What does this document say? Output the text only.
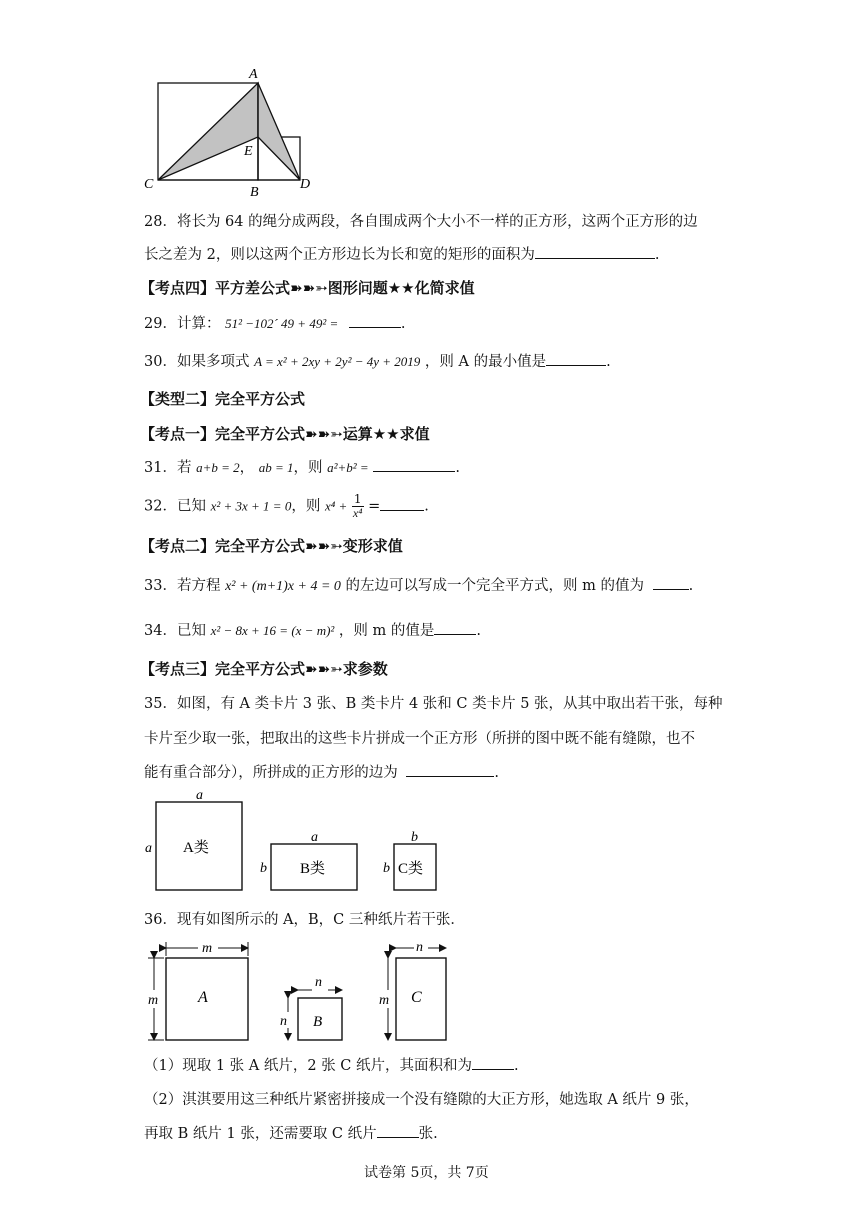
A
E
C
B
D
28．将长为 64 的绳分成两段，各自围成两个大小不一样的正方形，这两个正方形的边
长之差为 2，则以这两个正方形边长为长和宽的矩形的面积为	.
【考点四】平方差公式➽➽➳图形问题★★化简求值
29．计算： 51² −102´ 49 + 49² =	.
30．如果多项式 A = x² + 2xy + 2y² − 4y + 2019 ，则 A 的最小值是	.
【类型二】完全平方公式
【考点一】完全平方公式➽➽➳运算★★求值
31．若 a+b = 2， ab = 1，则 a²+b² =	.
32．已知 x² + 3x + 1 = 0，则 $x^4 + \frac{1}{\text{x⁴}}$ =	.
【考点二】完全平方公式➽➽➳变形求值
33．若方程 x² + (m+1)x + 4 = 0 的左边可以写成一个完全平方式，则 m 的值为	.
34．已知 x² − 8x + 16 = (x − m)² ，则 m 的值是	.
【考点三】完全平方公式➽➽➳求参数
35．如图，有 A 类卡片 3 张、B 类卡片 4 张和 C 类卡片 5 张，从其中取出若干张，每种
卡片至少取一张，把取出的这些卡片拼成一个正方形（所拼的图中既不能有缝隙，也不
能有重合部分），所拼成的正方形的边为	.
a
a A类
a
b B类
b
b C类
36．现有如图所示的 A，B，C 三种纸片若干张．
m
m A
n
n B
n
m C
（1）现取 1 张 A 纸片，2 张 C 纸片，其面积和为	.
（2）淇淇要用这三种纸片紧密拼接成一个没有缝隙的大正方形，她选取 A 纸片 9 张，
再取 B 纸片 1 张，还需要取 C 纸片	张.
试卷第 5页，共 7页
